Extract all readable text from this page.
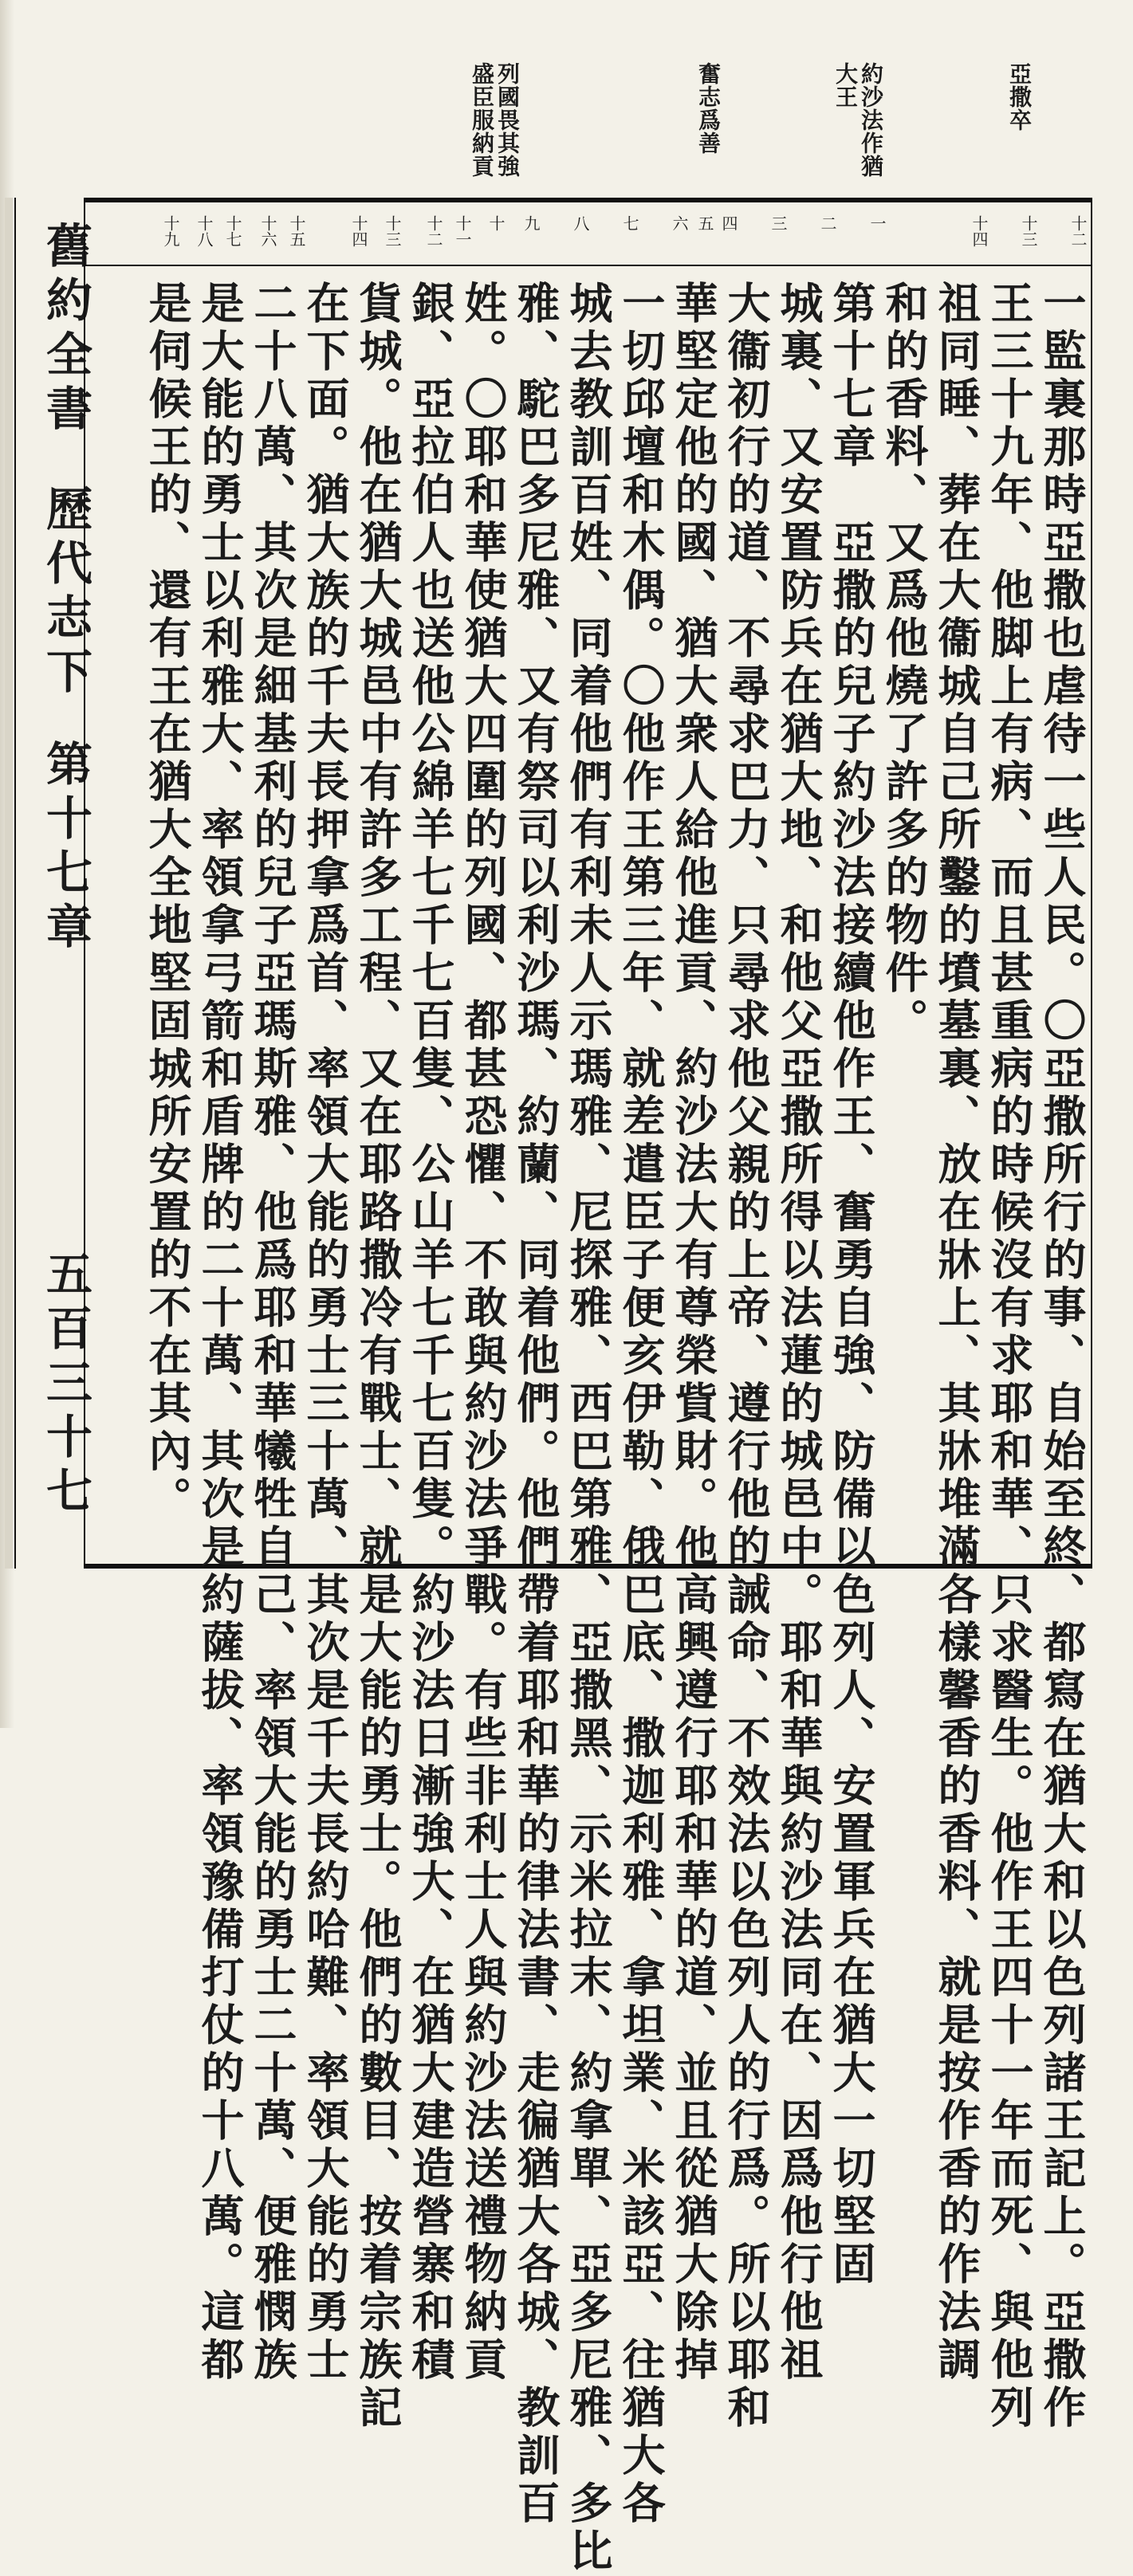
亞撒卒
約沙法作猶大王
奮志爲善
列國畏其強盛臣服納貢
舊約全書
歷代志下
第十七章
五百三十七
十二
十三
十四
一
二
三
四
五
六
七
八
九
十
十一
十二
十三
十四
十五
十六
十七
十八
十九
一監裏那時亞撒也虐待一些人民。〇亞撒所行的事、自始至終、都寫在猶大和以色列諸王記上。亞撒作
王三十九年、他脚上有病、而且甚重病的時候沒有求耶和華、只求醫生。他作王四十一年而死、與他列
祖同睡、葬在大衞城自己所鑿的墳墓裏、放在牀上、其牀堆滿各樣馨香的香料、就是按作香的作法調
和的香料、又爲他燒了許多的物件。
第十七章　亞撒的兒子約沙法接續他作王、奮勇自強、防備以色列人、安置軍兵在猶大一切堅固
城裏、又安置防兵在猶大地、和他父亞撒所得以法蓮的城邑中。耶和華與約沙法同在、因爲他行他祖
大衞初行的道、不尋求巴力、只尋求他父親的上帝、遵行他的誡命、不效法以色列人的行爲。所以耶和
華堅定他的國、猶大衆人給他進貢、約沙法大有尊榮貲財。他高興遵行耶和華的道、並且從猶大除掉
一切邱壇和木偶。〇他作王第三年、就差遣臣子便亥伊勒、俄巴底、撒迦利雅、拿坦業、米該亞、往猶大各
城去教訓百姓、同着他們有利未人示瑪雅、尼探雅、西巴第雅、亞撒黑、示米拉末、約拿單、亞多尼雅、多比
雅、駝巴多尼雅、又有祭司以利沙瑪、約蘭、同着他們。他們帶着耶和華的律法書、走徧猶大各城、教訓百
姓。〇耶和華使猶大四圍的列國、都甚恐懼、不敢與約沙法爭戰。有些非利士人與約沙法送禮物納貢
銀、亞拉伯人也送他公綿羊七千七百隻、公山羊七千七百隻。約沙法日漸強大、在猶大建造營寨和積
貨城。他在猶大城邑中有許多工程、又在耶路撒冷有戰士、就是大能的勇士。他們的數目、按着宗族記
在下面。猶大族的千夫長押拿爲首、率領大能的勇士三十萬、其次是千夫長約哈難、率領大能的勇士
二十八萬、其次是細基利的兒子亞瑪斯雅、他爲耶和華犧牲自己、率領大能的勇士二十萬、便雅憫族
是大能的勇士以利雅大、率領拿弓箭和盾牌的二十萬、其次是約薩拔、率領豫備打仗的十八萬。這都
是伺候王的、還有王在猶大全地堅固城所安置的不在其內。
